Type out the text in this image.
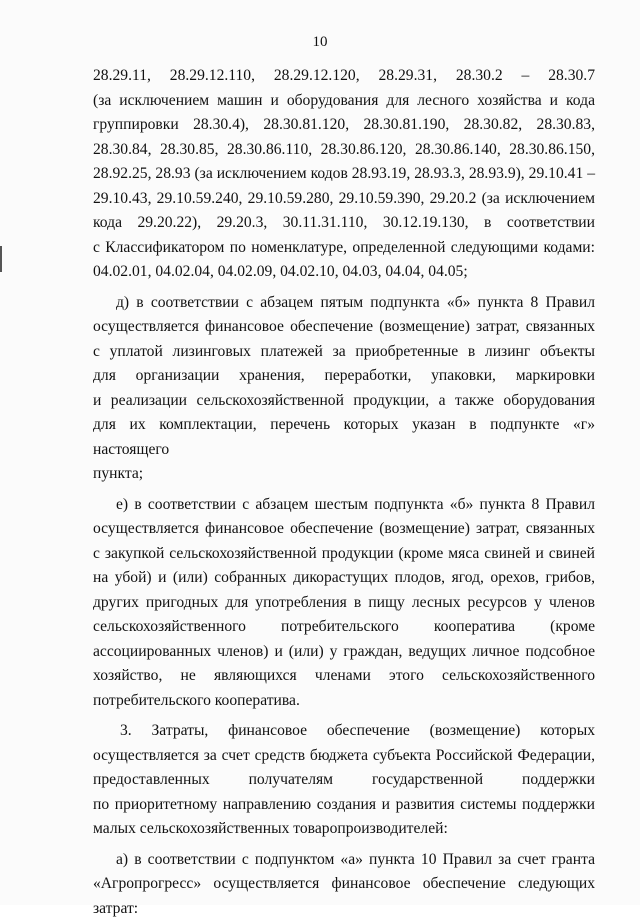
10
28.29.11, 28.29.12.110, 28.29.12.120, 28.29.31, 28.30.2 – 28.30.7
(за исключением машин и оборудования для лесного хозяйства и кода
группировки 28.30.4), 28.30.81.120, 28.30.81.190, 28.30.82, 28.30.83,
28.30.84, 28.30.85, 28.30.86.110, 28.30.86.120, 28.30.86.140, 28.30.86.150,
28.92.25, 28.93 (за исключением кодов 28.93.19, 28.93.3, 28.93.9), 29.10.41 –
29.10.43, 29.10.59.240, 29.10.59.280, 29.10.59.390, 29.20.2 (за исключением
кода 29.20.22), 29.20.3, 30.11.31.110, 30.12.19.130, в соответствии
с Классификатором по номенклатуре, определенной следующими кодами:
04.02.01, 04.02.04, 04.02.09, 04.02.10, 04.03, 04.04, 04.05;
д) в соответствии с абзацем пятым подпункта «б» пункта 8 Правил
осуществляется финансовое обеспечение (возмещение) затрат, связанных
с уплатой лизинговых платежей за приобретенные в лизинг объекты
для организации хранения, переработки, упаковки, маркировки
и реализации сельскохозяйственной продукции, а также оборудования
для их комплектации, перечень которых указан в подпункте «г» настоящего
пункта;
е) в соответствии с абзацем шестым подпункта «б» пункта 8 Правил
осуществляется финансовое обеспечение (возмещение) затрат, связанных
с закупкой сельскохозяйственной продукции (кроме мяса свиней и свиней
на убой) и (или) собранных дикорастущих плодов, ягод, орехов, грибов,
других пригодных для употребления в пищу лесных ресурсов у членов
сельскохозяйственного потребительского кооператива (кроме
ассоциированных членов) и (или) у граждан, ведущих личное подсобное
хозяйство, не являющихся членами этого сельскохозяйственного
потребительского кооператива.
3. Затраты, финансовое обеспечение (возмещение) которых
осуществляется за счет средств бюджета субъекта Российской Федерации,
предоставленных получателям государственной поддержки
по приоритетному направлению создания и развития системы поддержки
малых сельскохозяйственных товаропроизводителей:
а) в соответствии с подпунктом «а» пункта 10 Правил за счет гранта
«Агропрогресс» осуществляется финансовое обеспечение следующих
затрат:
